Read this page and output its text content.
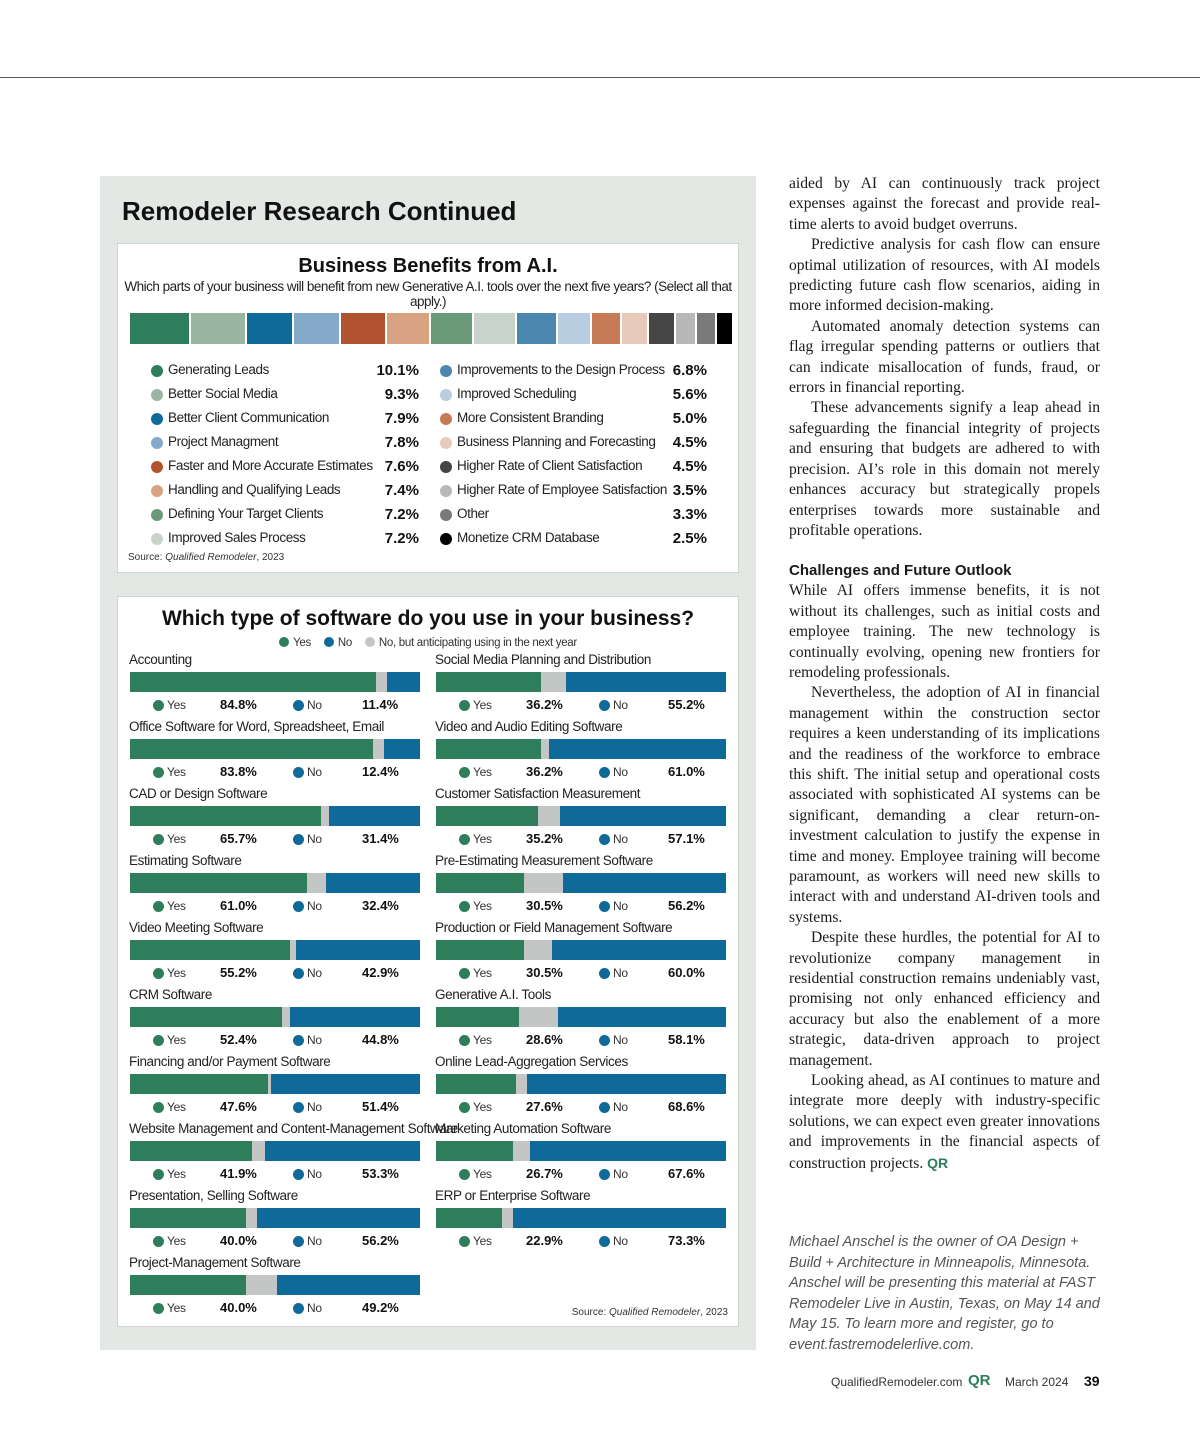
Remodeler Research Continued
Business Benefits from A.I.
Which parts of your business will benefit from new Generative A.I. tools over the next five years? (Select all that apply.)
Generating Leads	10.1%
Better Social Media	9.3%
Better Client Communication	7.9%
Project Managment	7.8%
Faster and More Accurate Estimates 7.6%
Handling and Qualifying Leads	7.4%
Defining Your Target Clients	7.2%
Improved Sales Process	7.2%
Improvements to the Design Process 6.8%
Improved Scheduling	5.6%
More Consistent Branding	5.0%
Business Planning and Forecasting 4.5%
Higher Rate of Client Satisfaction 4.5%
Higher Rate of Employee Satisfaction 3.5%
Other	3.3%
Monetize CRM Database	2.5%
Source: Qualified Remodeler, 2023
Which type of software do you use in your business?
Yes No No, but anticipating using in the next year
Accounting
Yes	84.8%	No	11.4%
Office Software for Word, Spreadsheet, Email
Yes	83.8%	No	12.4%
CAD or Design Software
Yes	65.7%	No	31.4%
Estimating Software
Yes	61.0%	No	32.4%
Video Meeting Software
Yes	55.2%	No	42.9%
CRM Software
Yes	52.4%	No	44.8%
Financing and/or Payment Software
Yes	47.6%	No	51.4%
Website Management and Content-Management Software
Yes	41.9%	No	53.3%
Presentation, Selling Software
Yes	40.0%	No	56.2%
Project-Management Software
Yes	40.0%	No	49.2%
Social Media Planning and Distribution
Yes	36.2%	No	55.2%
Video and Audio Editing Software
Yes	36.2%	No	61.0%
Customer Satisfaction Measurement
Yes	35.2%	No	57.1%
Pre-Estimating Measurement Software
Yes	30.5%	No	56.2%
Production or Field Management Software
Yes	30.5%	No	60.0%
Generative A.I. Tools
Yes	28.6%	No	58.1%
Online Lead-Aggregation Services
Yes	27.6%	No	68.6%
Marketing Automation Software
Yes	26.7%	No	67.6%
ERP or Enterprise Software
Yes	22.9%	No	73.3%
Source: Qualified Remodeler, 2023

aided by AI can continuously track project expenses against the forecast and provide real-time alerts to avoid budget overruns.

Predictive analysis for cash flow can ensure optimal utilization of resources, with AI models predicting future cash flow scenarios, aiding in more informed decision-making.

Automated anomaly detection systems can flag irregular spending patterns or outliers that can indicate misallocation of funds, fraud, or errors in financial reporting.

These advancements signify a leap ahead in safeguarding the financial integrity of projects and ensuring that budgets are adhered to with precision. AI’s role in this domain not merely enhances accuracy but strategically propels enterprises towards more sustainable and profitable operations.

Challenges and Future Outlook

While AI offers immense benefits, it is not without its challenges, such as initial costs and employee training. The new technology is continually evolving, opening new frontiers for remodeling professionals.

Nevertheless, the adoption of AI in financial management within the construction sector requires a keen understanding of its implications and the readiness of the workforce to embrace this shift. The initial setup and operational costs associated with sophisticated AI systems can be significant, demanding a clear return-on-investment calculation to justify the expense in time and money. Employee training will become paramount, as workers will need new skills to interact with and understand AI-driven tools and systems.

Despite these hurdles, the potential for AI to revolutionize company management in residential construction remains undeniably vast, promising not only enhanced efficiency and accuracy but also the enablement of a more strategic, data-driven approach to project management.

Looking ahead, as AI continues to mature and integrate more deeply with industry-specific solutions, we can expect even greater innovations and improvements in the financial aspects of construction projects. QR

Michael Anschel is the owner of OA Design + Build + Architecture in Minneapolis, Minnesota. Anschel will be presenting this material at FAST Remodeler Live in Austin, Texas, on May 14 and May 15. To learn more and register, go to event.fastremodelerlive.com.
QualifiedRemodeler.com QR March 2024 39
